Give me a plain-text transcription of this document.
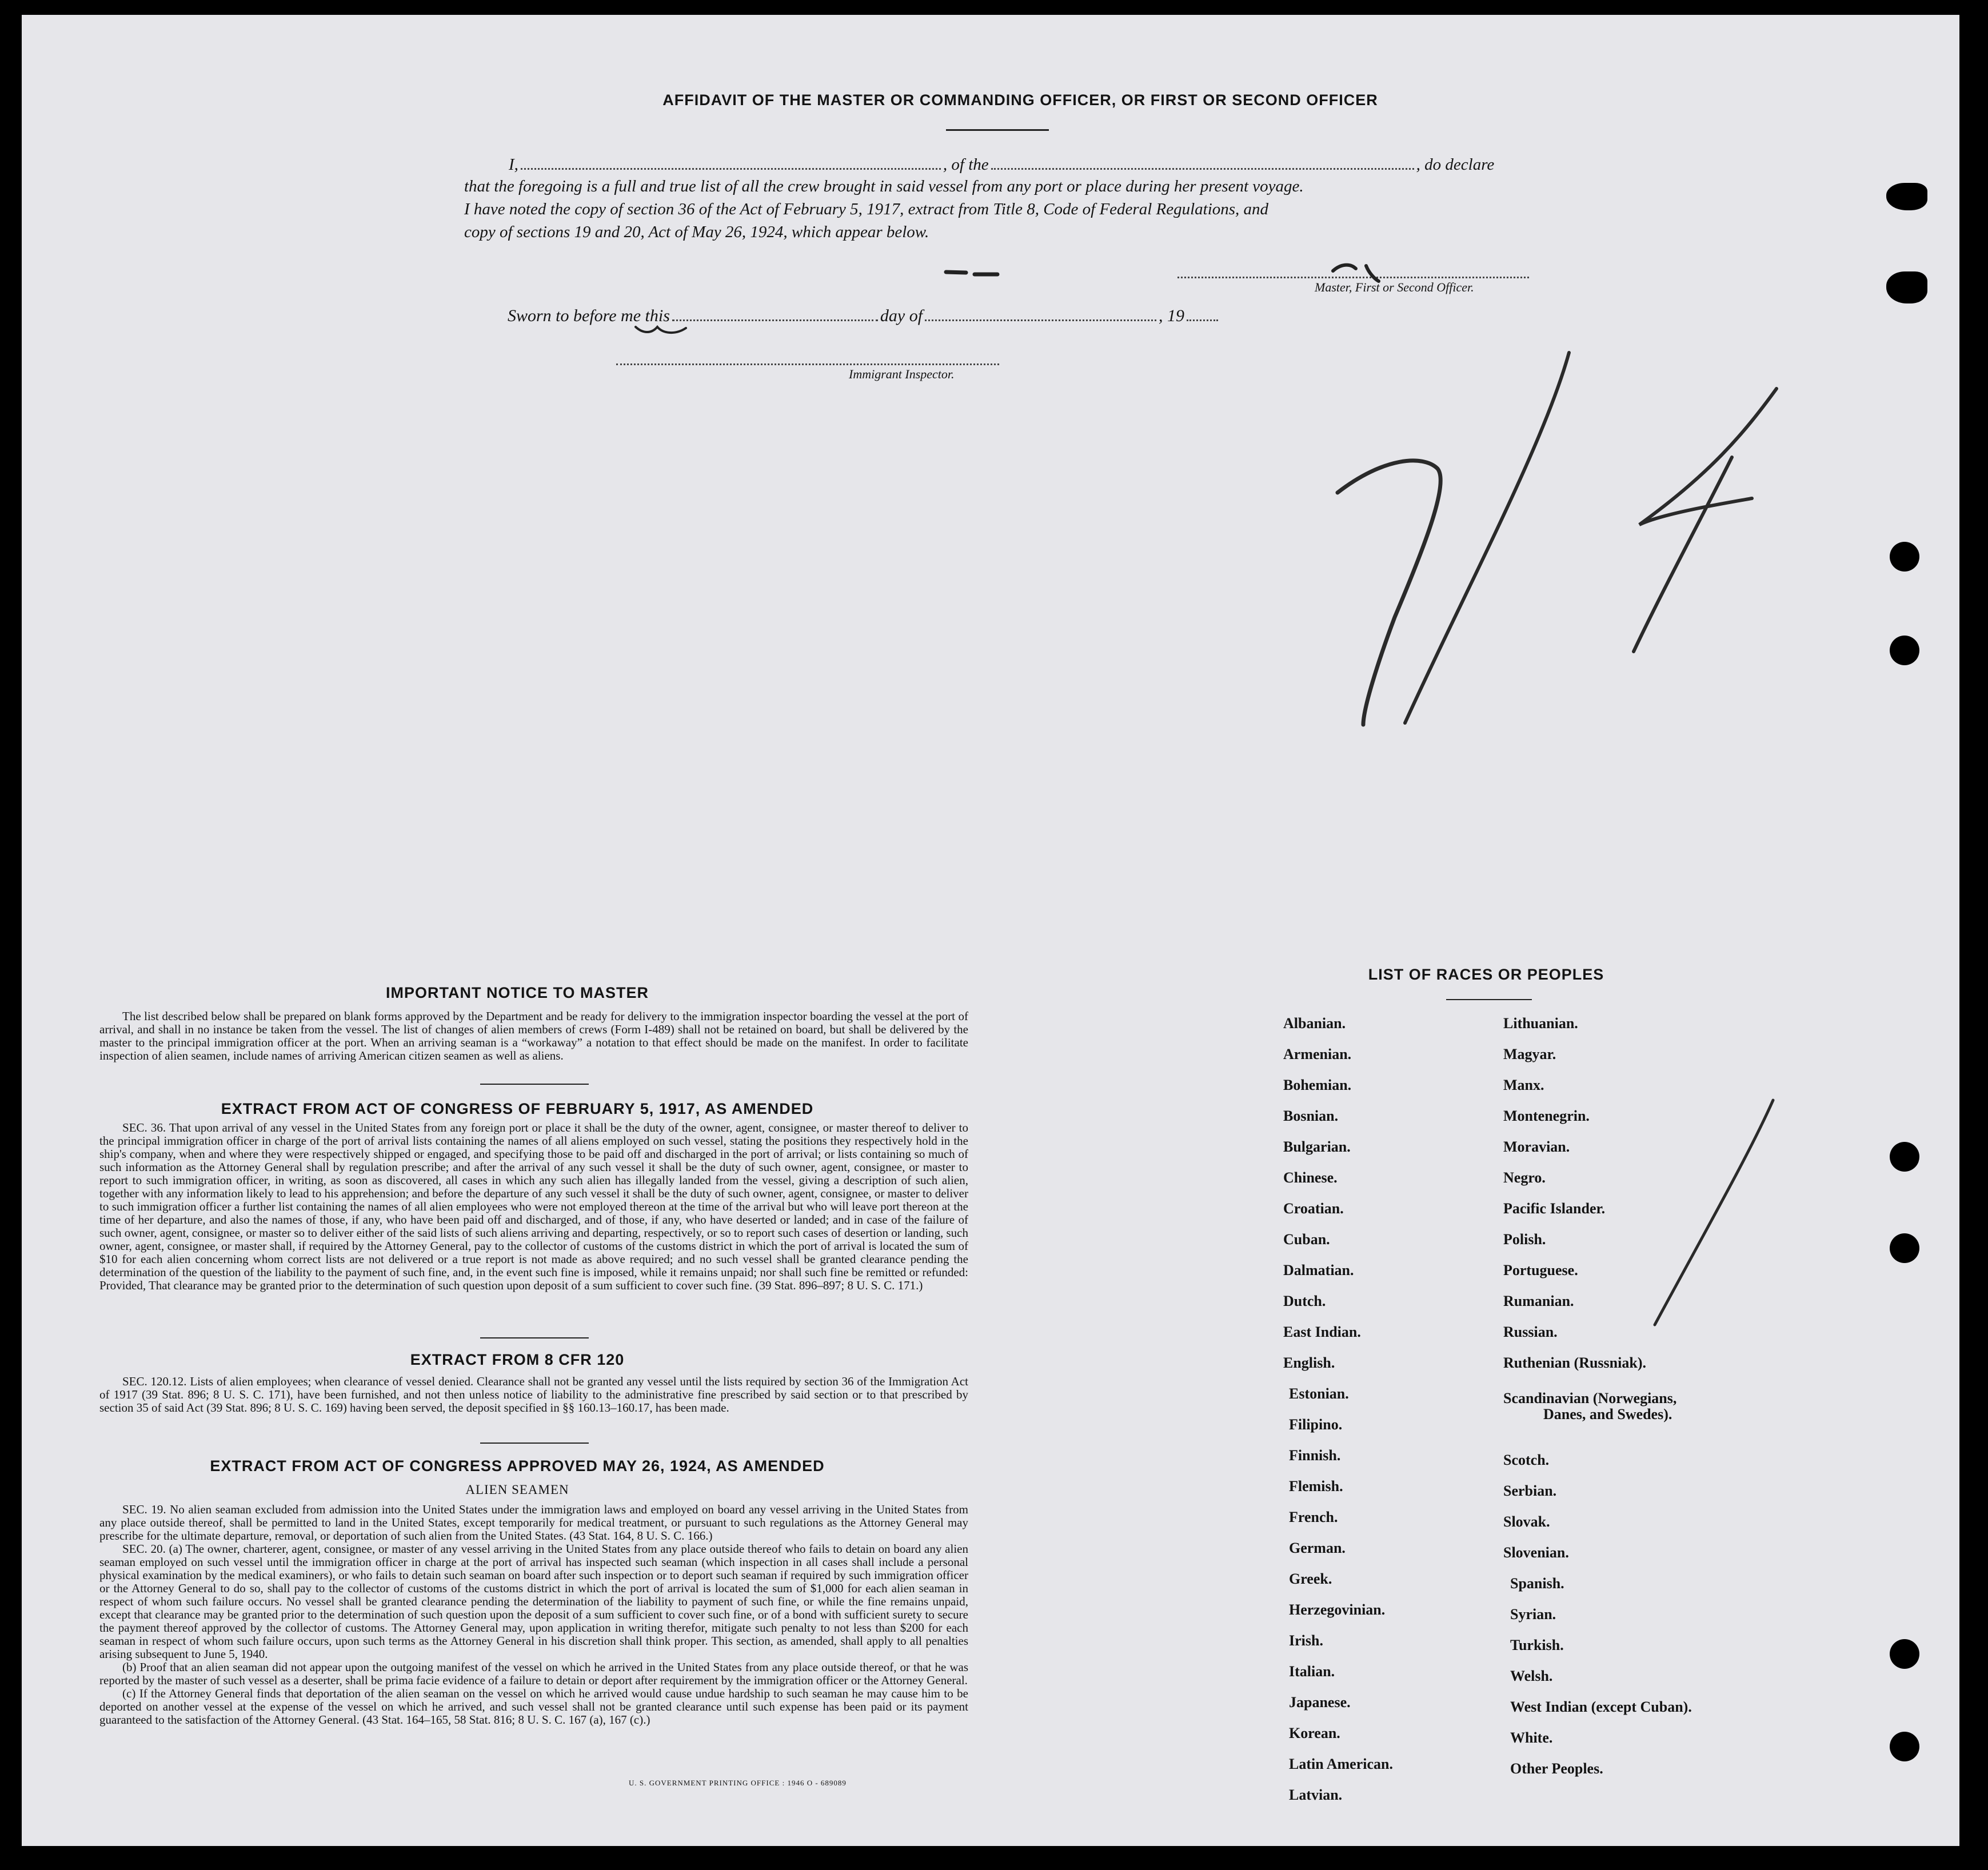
AFFIDAVIT OF THE MASTER OR COMMANDING OFFICER, OR FIRST OR SECOND OFFICER
I,	, of the	, do declare
that the foregoing is a full and true list of all the crew brought in said vessel from any port or place during her present voyage.
I have noted the copy of section 36 of the Act of February 5, 1917, extract from Title 8, Code of Federal Regulations, and
copy of sections 19 and 20, Act of May 26, 1924, which appear below.
Master, First or Second Officer.
Sworn to before me this	day of	, 19
Immigrant Inspector.
IMPORTANT NOTICE TO MASTER

The list described below shall be prepared on blank forms approved by the Department and be ready for delivery to the immigration inspector boarding the vessel at the port of arrival, and shall in no instance be taken from the vessel. The list of changes of alien members of crews (Form I-489) shall not be retained on board, but shall be delivered by the master to the principal immigration officer at the port. When an arriving seaman is a “workaway” a notation to that effect should be made on the manifest. In order to facilitate inspection of alien seamen, include names of arriving American citizen seamen as well as aliens.

EXTRACT FROM ACT OF CONGRESS OF FEBRUARY 5, 1917, AS AMENDED

SEC. 36. That upon arrival of any vessel in the United States from any foreign port or place it shall be the duty of the owner, agent, consignee, or master thereof to deliver to the principal immigration officer in charge of the port of arrival lists containing the names of all aliens employed on such vessel, stating the positions they respectively hold in the ship's company, when and where they were respectively shipped or engaged, and specifying those to be paid off and discharged in the port of arrival; or lists containing so much of such information as the Attorney General shall by regulation prescribe; and after the arrival of any such vessel it shall be the duty of such owner, agent, consignee, or master to report to such immigration officer, in writing, as soon as discovered, all cases in which any such alien has illegally landed from the vessel, giving a description of such alien, together with any information likely to lead to his apprehension; and before the departure of any such vessel it shall be the duty of such owner, agent, consignee, or master to deliver to such immigration officer a further list containing the names of all alien employees who were not employed thereon at the time of the arrival but who will leave port thereon at the time of her departure, and also the names of those, if any, who have been paid off and discharged, and of those, if any, who have deserted or landed; and in case of the failure of such owner, agent, consignee, or master so to deliver either of the said lists of such aliens arriving and departing, respectively, or so to report such cases of desertion or landing, such owner, agent, consignee, or master shall, if required by the Attorney General, pay to the collector of customs of the customs district in which the port of arrival is located the sum of $10 for each alien concerning whom correct lists are not delivered or a true report is not made as above required; and no such vessel shall be granted clearance pending the determination of the question of the liability to the payment of such fine, and, in the event such fine is imposed, while it remains unpaid; nor shall such fine be remitted or refunded: Provided, That clearance may be granted prior to the determination of such question upon deposit of a sum sufficient to cover such fine. (39 Stat. 896–897; 8 U. S. C. 171.)

EXTRACT FROM 8 CFR 120

SEC. 120.12. Lists of alien employees; when clearance of vessel denied. Clearance shall not be granted any vessel until the lists required by section 36 of the Immigration Act of 1917 (39 Stat. 896; 8 U. S. C. 171), have been furnished, and not then unless notice of liability to the administrative fine prescribed by said section or to that prescribed by section 35 of said Act (39 Stat. 896; 8 U. S. C. 169) having been served, the deposit specified in §§ 160.13–160.17, has been made.

EXTRACT FROM ACT OF CONGRESS APPROVED MAY 26, 1924, AS AMENDED
ALIEN SEAMEN

SEC. 19. No alien seaman excluded from admission into the United States under the immigration laws and employed on board any vessel arriving in the United States from any place outside thereof, shall be permitted to land in the United States, except temporarily for medical treatment, or pursuant to such regulations as the Attorney General may prescribe for the ultimate departure, removal, or deportation of such alien from the United States. (43 Stat. 164, 8 U. S. C. 166.)

SEC. 20. (a) The owner, charterer, agent, consignee, or master of any vessel arriving in the United States from any place outside thereof who fails to detain on board any alien seaman employed on such vessel until the immigration officer in charge at the port of arrival has inspected such seaman (which inspection in all cases shall include a personal physical examination by the medical examiners), or who fails to detain such seaman on board after such inspection or to deport such seaman if required by such immigration officer or the Attorney General to do so, shall pay to the collector of customs of the customs district in which the port of arrival is located the sum of $1,000 for each alien seaman in respect of whom such failure occurs. No vessel shall be granted clearance pending the determination of the liability to payment of such fine, or while the fine remains unpaid, except that clearance may be granted prior to the determination of such question upon the deposit of a sum sufficient to cover such fine, or of a bond with sufficient surety to secure the payment thereof approved by the collector of customs. The Attorney General may, upon application in writing therefor, mitigate such penalty to not less than $200 for each seaman in respect of whom such failure occurs, upon such terms as the Attorney General in his discretion shall think proper. This section, as amended, shall apply to all penalties arising subsequent to June 5, 1940.

(b) Proof that an alien seaman did not appear upon the outgoing manifest of the vessel on which he arrived in the United States from any place outside thereof, or that he was reported by the master of such vessel as a deserter, shall be prima facie evidence of a failure to detain or deport after requirement by the immigration officer or the Attorney General.

(c) If the Attorney General finds that deportation of the alien seaman on the vessel on which he arrived would cause undue hardship to such seaman he may cause him to be deported on another vessel at the expense of the vessel on which he arrived, and such vessel shall not be granted clearance until such expense has been paid or its payment guaranteed to the satisfaction of the Attorney General. (43 Stat. 164–165, 58 Stat. 816; 8 U. S. C. 167 (a), 167 (c).)

U. S. GOVERNMENT PRINTING OFFICE : 1946 O - 689089
LIST OF RACES OR PEOPLES
Albanian.
Armenian.
Bohemian.
Bosnian.
Bulgarian.
Chinese.
Croatian.
Cuban.
Dalmatian.
Dutch.
East Indian.
English.
Estonian.
Filipino.
Finnish.
Flemish.
French.
German.
Greek.
Herzegovinian.
Irish.
Italian.
Japanese.
Korean.
Latin American.
Latvian.
Lithuanian.
Magyar.
Manx.
Montenegrin.
Moravian.
Negro.
Pacific Islander.
Polish.
Portuguese.
Rumanian.
Russian.
Ruthenian (Russniak).
Scandinavian (Norwegians,
Danes, and Swedes).
Scotch.
Serbian.
Slovak.
Slovenian.
Spanish.
Syrian.
Turkish.
Welsh.
West Indian (except Cuban).
White.
Other Peoples.
